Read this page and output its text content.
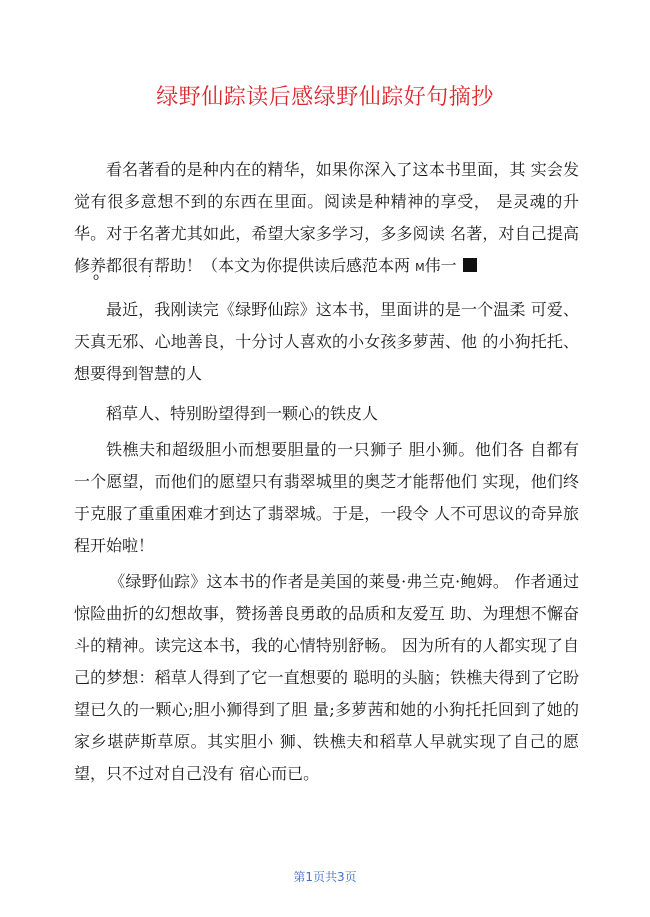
绿野仙踪读后感绿野仙踪好句摘抄
看名著看的是种内在的精华，如果你深入了这本书里面，其 实会发觉有很多意想不到的东西在里面。阅读是种精神的享受， 是灵魂的升华。对于名著尤其如此，希望大家多学习，多多阅读 名著，对自己提高修养都很有帮助！（本文为你提供读后感范本两 M伟一
o	·
最近，我刚读完《绿野仙踪》这本书，里面讲的是一个温柔 可爱、天真无邪、心地善良，十分讨人喜欢的小女孩多萝茜、他 的小狗托托、想要得到智慧的人
稻草人、特别盼望得到一颗心的铁皮人
铁樵夫和超级胆小而想要胆量的一只狮子 胆小狮。他们各 自都有一个愿望，而他们的愿望只有翡翠城里的奥芝才能帮他们 实现，他们终于克服了重重困难才到达了翡翠城。于是，一段令 人不可思议的奇异旅程开始啦！
《绿野仙踪》这本书的作者是美国的莱曼·弗兰克·鲍姆。 作者通过惊险曲折的幻想故事，赞扬善良勇敢的品质和友爱互 助、为理想不懈奋斗的精神。读完这本书，我的心情特别舒畅。 因为所有的人都实现了自己的梦想：稻草人得到了它一直想要的 聪明的头脑；铁樵夫得到了它盼望已久的一颗心;胆小狮得到了胆 量;多萝茜和她的小狗托托回到了她的家乡堪萨斯草原。其实胆小 狮、铁樵夫和稻草人早就实现了自己的愿望，只不过对自己没有 宿心而已。
第1页共3页
